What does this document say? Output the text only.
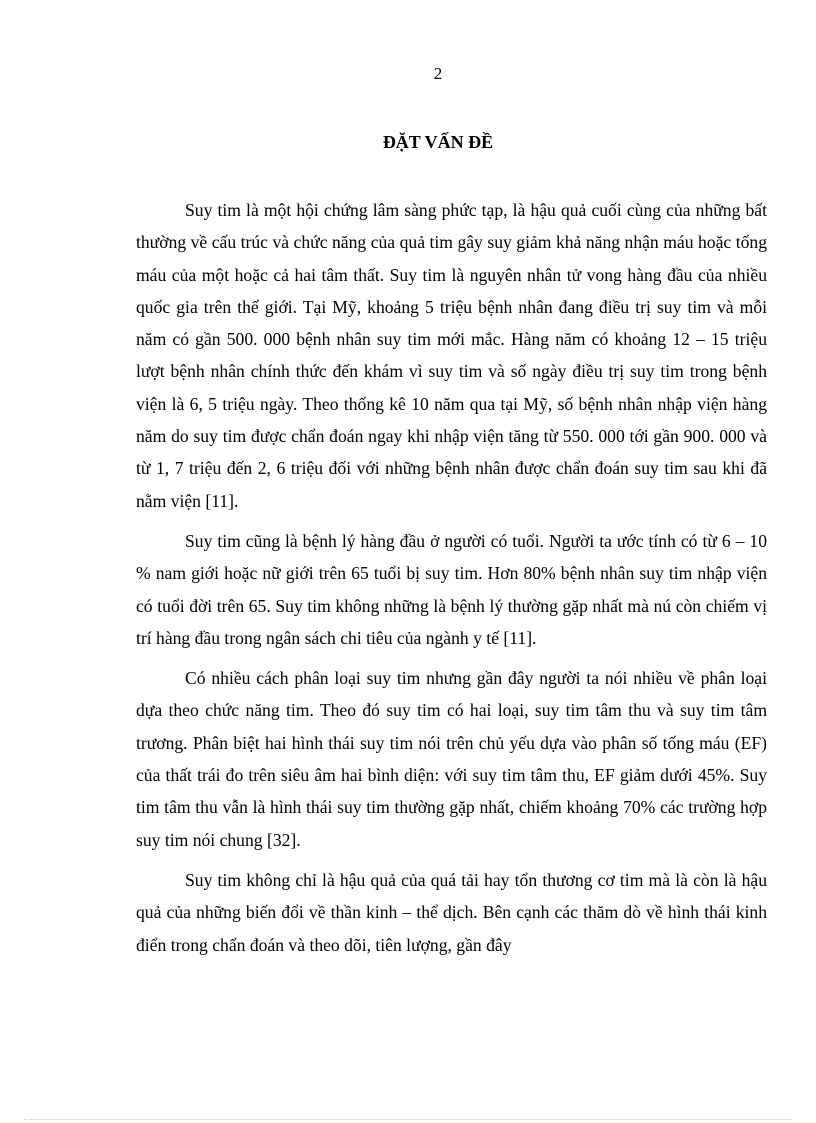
2
ĐẶT VẤN ĐỀ

Suy tim là một hội chứng lâm sàng phức tạp, là hậu quả cuối cùng của những bất thường về cấu trúc và chức năng của quả tim gây suy giảm khả năng nhận máu hoặc tống máu của một hoặc cả hai tâm thất. Suy tim là nguyên nhân tử vong hàng đầu của nhiều quốc gia trên thế giới. Tại Mỹ, khoảng 5 triệu bệnh nhân đang điều trị suy tim và mỗi năm có gần 500. 000 bệnh nhân suy tim mới mắc. Hàng năm có khoảng 12 – 15 triệu lượt bệnh nhân chính thức đến khám vì suy tim và số ngày điều trị suy tim trong bệnh viện là 6, 5 triệu ngày. Theo thống kê 10 năm qua tại Mỹ, số bệnh nhân nhập viện hàng năm do suy tim được chẩn đoán ngay khi nhập viện tăng từ 550. 000 tới gần 900. 000 và từ 1, 7 triệu đến 2, 6 triệu đối với những bệnh nhân được chẩn đoán suy tim sau khi đã nằm viện [11].

Suy tim cũng là bệnh lý hàng đầu ở người có tuổi. Người ta ước tính có từ 6 – 10 % nam giới hoặc nữ giới trên 65 tuổi bị suy tim. Hơn 80% bệnh nhân suy tim nhập viện có tuổi đời trên 65. Suy tim không những là bệnh lý thường gặp nhất mà nú còn chiếm vị trí hàng đầu trong ngân sách chi tiêu của ngành y tế [11].

Có nhiều cách phân loại suy tim nhưng gần đây người ta nói nhiều về phân loại dựa theo chức năng tim. Theo đó suy tim có hai loại, suy tim tâm thu và suy tim tâm trương. Phân biệt hai hình thái suy tim nói trên chủ yếu dựa vào phân số tống máu (EF) của thất trái đo trên siêu âm hai bình diện: với suy tim tâm thu, EF giảm dưới 45%. Suy tim tâm thu vẫn là hình thái suy tim thường gặp nhất, chiếm khoảng 70% các trường hợp suy tim nói chung [32].

Suy tim không chỉ là hậu quả của quá tải hay tổn thương cơ tim mà là còn là hậu quả của những biến đổi về thần kinh – thể dịch. Bên cạnh các thăm dò về hình thái kinh điển trong chẩn đoán và theo dõi, tiên lượng, gần đây
